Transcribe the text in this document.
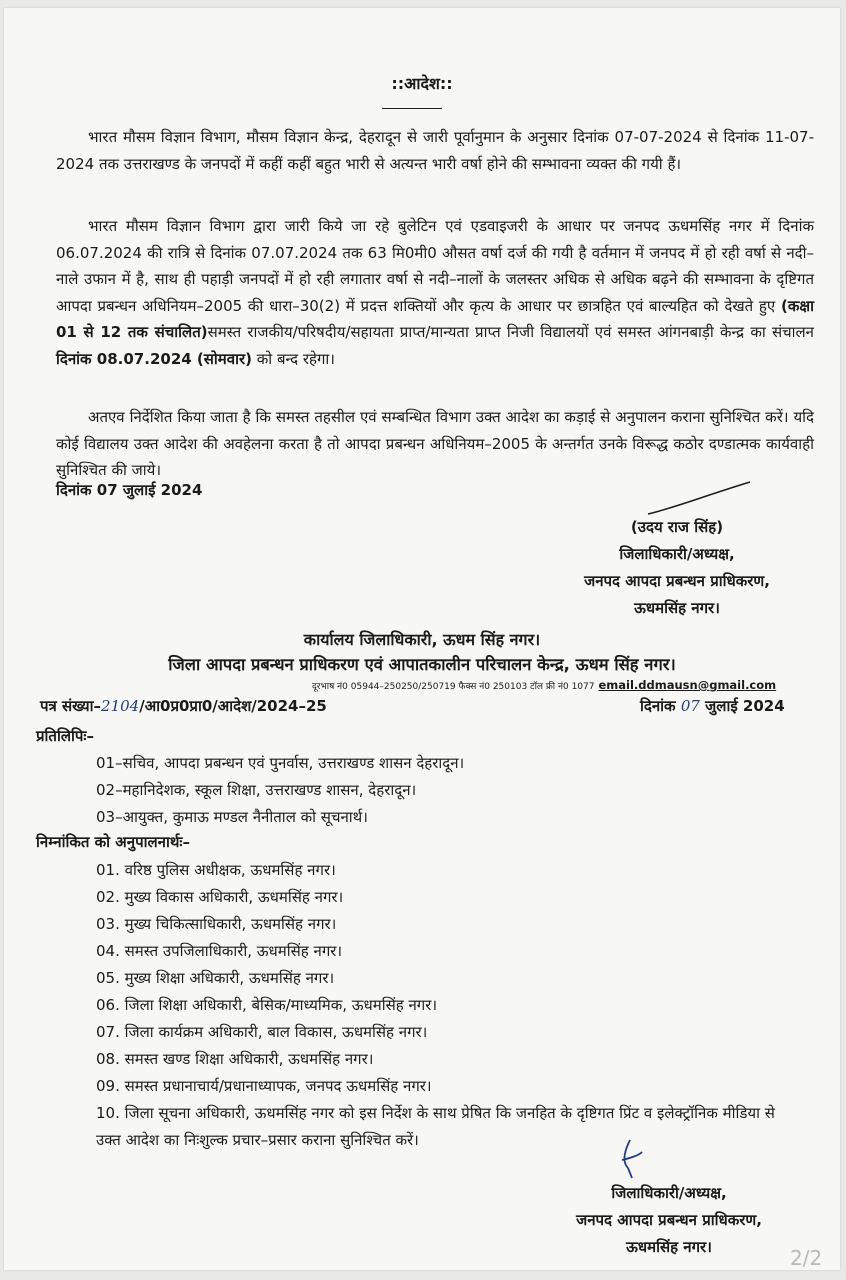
::आदेश::
भारत मौसम विज्ञान विभाग, मौसम विज्ञान केन्द्र, देहरादून से जारी पूर्वानुमान के अनुसार दिनांक 07-07-2024 से दिनांक 11-07-2024 तक उत्तराखण्ड के जनपदों में कहीं कहीं बहुत भारी से अत्यन्त भारी वर्षा होने की सम्भावना व्यक्त की गयी हैं।
भारत मौसम विज्ञान विभाग द्वारा जारी किये जा रहे बुलेटिन एवं एडवाइजरी के आधार पर जनपद ऊधमसिंह नगर में दिनांक 06.07.2024 की रात्रि से दिनांक 07.07.2024 तक 63 मि0मी0 औसत वर्षा दर्ज की गयी है वर्तमान में जनपद में हो रही वर्षा से नदी–नाले उफान में है, साथ ही पहाड़ी जनपदों में हो रही लगातार वर्षा से नदी–नालों के जलस्तर अधिक से अधिक बढ़ने की सम्भावना के दृष्टिगत आपदा प्रबन्धन अधिनियम–2005 की धारा–30(2) में प्रदत्त शक्तियों और कृत्य के आधार पर छात्रहित एवं बाल्यहित को देखते हुए (कक्षा 01 से 12 तक संचालित)समस्त राजकीय/परिषदीय/सहायता प्राप्त/मान्यता प्राप्त निजी विद्यालयों एवं समस्त आंगनबाड़ी केन्द्र का संचालन दिनांक 08.07.2024 (सोमवार) को बन्द रहेगा।
अतएव निर्देशित किया जाता है कि समस्त तहसील एवं सम्बन्धित विभाग उक्त आदेश का कड़ाई से अनुपालन कराना सुनिश्चित करें। यदि कोई विद्यालय उक्त आदेश की अवहेलना करता है तो आपदा प्रबन्धन अधिनियम–2005 के अन्तर्गत उनके विरूद्ध कठोर दण्डात्मक कार्यवाही सुनिश्चित की जाये।
दिनांक 07 जुलाई 2024
(उदय राज सिंह)
जिलाधिकारी/अध्यक्ष,
जनपद आपदा प्रबन्धन प्राधिकरण,
ऊधमसिंह नगर।
कार्यालय जिलाधिकारी, ऊधम सिंह नगर।
जिला आपदा प्रबन्धन प्राधिकरण एवं आपातकालीन परिचालन केन्द्र, ऊधम सिंह नगर।
दूरभाष नं0 05944–250250/250719 फैक्स नं0 250103 टॉल फ्री नं0 1077 email.ddmausn@gmail.com
पत्र संख्या–2104/आ0प्र0प्रा0/आदेश/2024–25	दिनांक 07 जुलाई 2024
प्रतिलिपिः–
01–सचिव, आपदा प्रबन्धन एवं पुनर्वास, उत्तराखण्ड शासन देहरादून।
02–महानिदेशक, स्कूल शिक्षा, उत्तराखण्ड शासन, देहरादून।
03–आयुक्त, कुमाऊ मण्डल नैनीताल को सूचनार्थ।
निम्नांकित को अनुपालनार्थः–
01. वरिष्ठ पुलिस अधीक्षक, ऊधमसिंह नगर।
02. मुख्य विकास अधिकारी, ऊधमसिंह नगर।
03. मुख्य चिकित्साधिकारी, ऊधमसिंह नगर।
04. समस्त उपजिलाधिकारी, ऊधमसिंह नगर।
05. मुख्य शिक्षा अधिकारी, ऊधमसिंह नगर।
06. जिला शिक्षा अधिकारी, बेसिक/माध्यमिक, ऊधमसिंह नगर।
07. जिला कार्यक्रम अधिकारी, बाल विकास, ऊधमसिंह नगर।
08. समस्त खण्ड शिक्षा अधिकारी, ऊधमसिंह नगर।
09. समस्त प्रधानाचार्य/प्रधानाध्यापक, जनपद ऊधमसिंह नगर।
10. जिला सूचना अधिकारी, ऊधमसिंह नगर को इस निर्देश के साथ प्रेषित कि जनहित के दृष्टिगत प्रिंट व इलेक्ट्रॉनिक मीडिया से उक्त आदेश का निःशुल्क प्रचार–प्रसार कराना सुनिश्चित करें।
जिलाधिकारी/अध्यक्ष,
जनपद आपदा प्रबन्धन प्राधिकरण,
ऊधमसिंह नगर।	2/2
